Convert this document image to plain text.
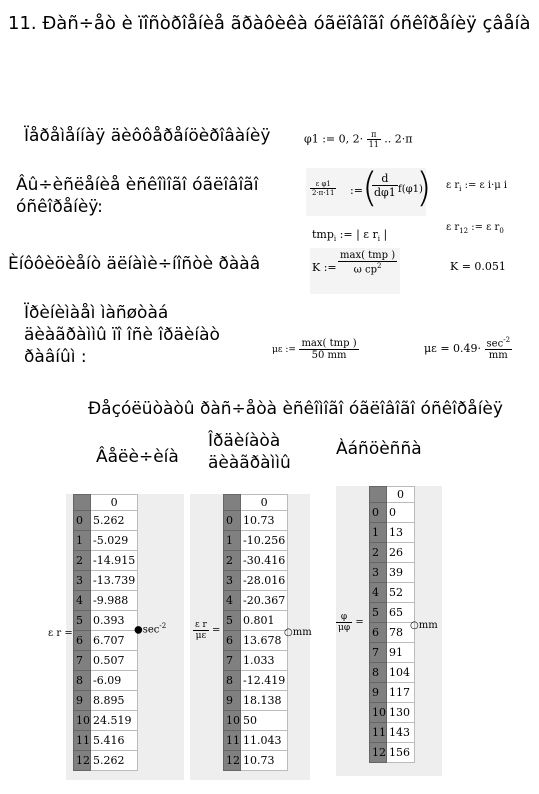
11. Ðàñ÷åò è ïîñòðîåíèå ãðàôèêà óãëîâîãî óñêîðåíèÿ çâåíà
Ïåðåìåííàÿ äèôôåðåíöèðîâàíèÿ	φ1 := 0, $2\cdot \frac{\pi}{11}$ .. 2·π
Âû÷èñëåíèå èñêîìîãî óãëîâîãî
óñêîðåíèÿ:
$\frac{\text{ε φ1}}{2\cdot\pi\cdot 11}$ := (
$\frac{d}{d\varphi 1} f(\varphi 1)$
) ε $r_i$ := ε i·μ i
ε $r_{12}$ := ε $r_0$
tmp$_i$ := | ε $r_i$ |
Èíôôèöèåíò äëíàìè÷íîñòè ðààâ	K :=
max( tmp )
ω $cp^2$	K = 0.051
Ïðèíèìàåì ìàñøòàá
äèàãðàììû ïî îñè îðäèíàò
ðàâíûì :	με := $\frac{\text{max( tmp )}}{50 mm}$	$\mu\varepsilon = 0.49\cdot \frac{\sec^{-2}}{mm}$
Ðåçóëüòàòû ðàñ÷åòà èñêîìîãî óãëîâîãî óñêîðåíèÿ
Âåëè÷èíà
Îðäèíàòà
äèàãðàììû
Àáñöèññà
ε r =
	0
0	5.262
1	-5.029
2	-14.915
3	-13.739
4	-9.988
5	0.393
6	6.707
7	0.507
8	-6.09
9	8.895
10	24.519
11	5.416
12	5.262
$●\sec^{-2}$	$\frac{\text{ε r}}{\mu\varepsilon}$ =
	0
0	10.73
1	-10.256
2	-30.416
3	-28.016
4	-20.367
5	0.801
6	13.678
7	1.033
8	-12.419
9	18.138
10	50
11	11.043
12	10.73
○mm	$\frac{\varphi}{\mu\varphi}$ =
	0
0	0
1	13
2	26
3	39
4	52
5	65
6	78
7	91
8	104
9	117
10	130
11	143
12	156
○mm
